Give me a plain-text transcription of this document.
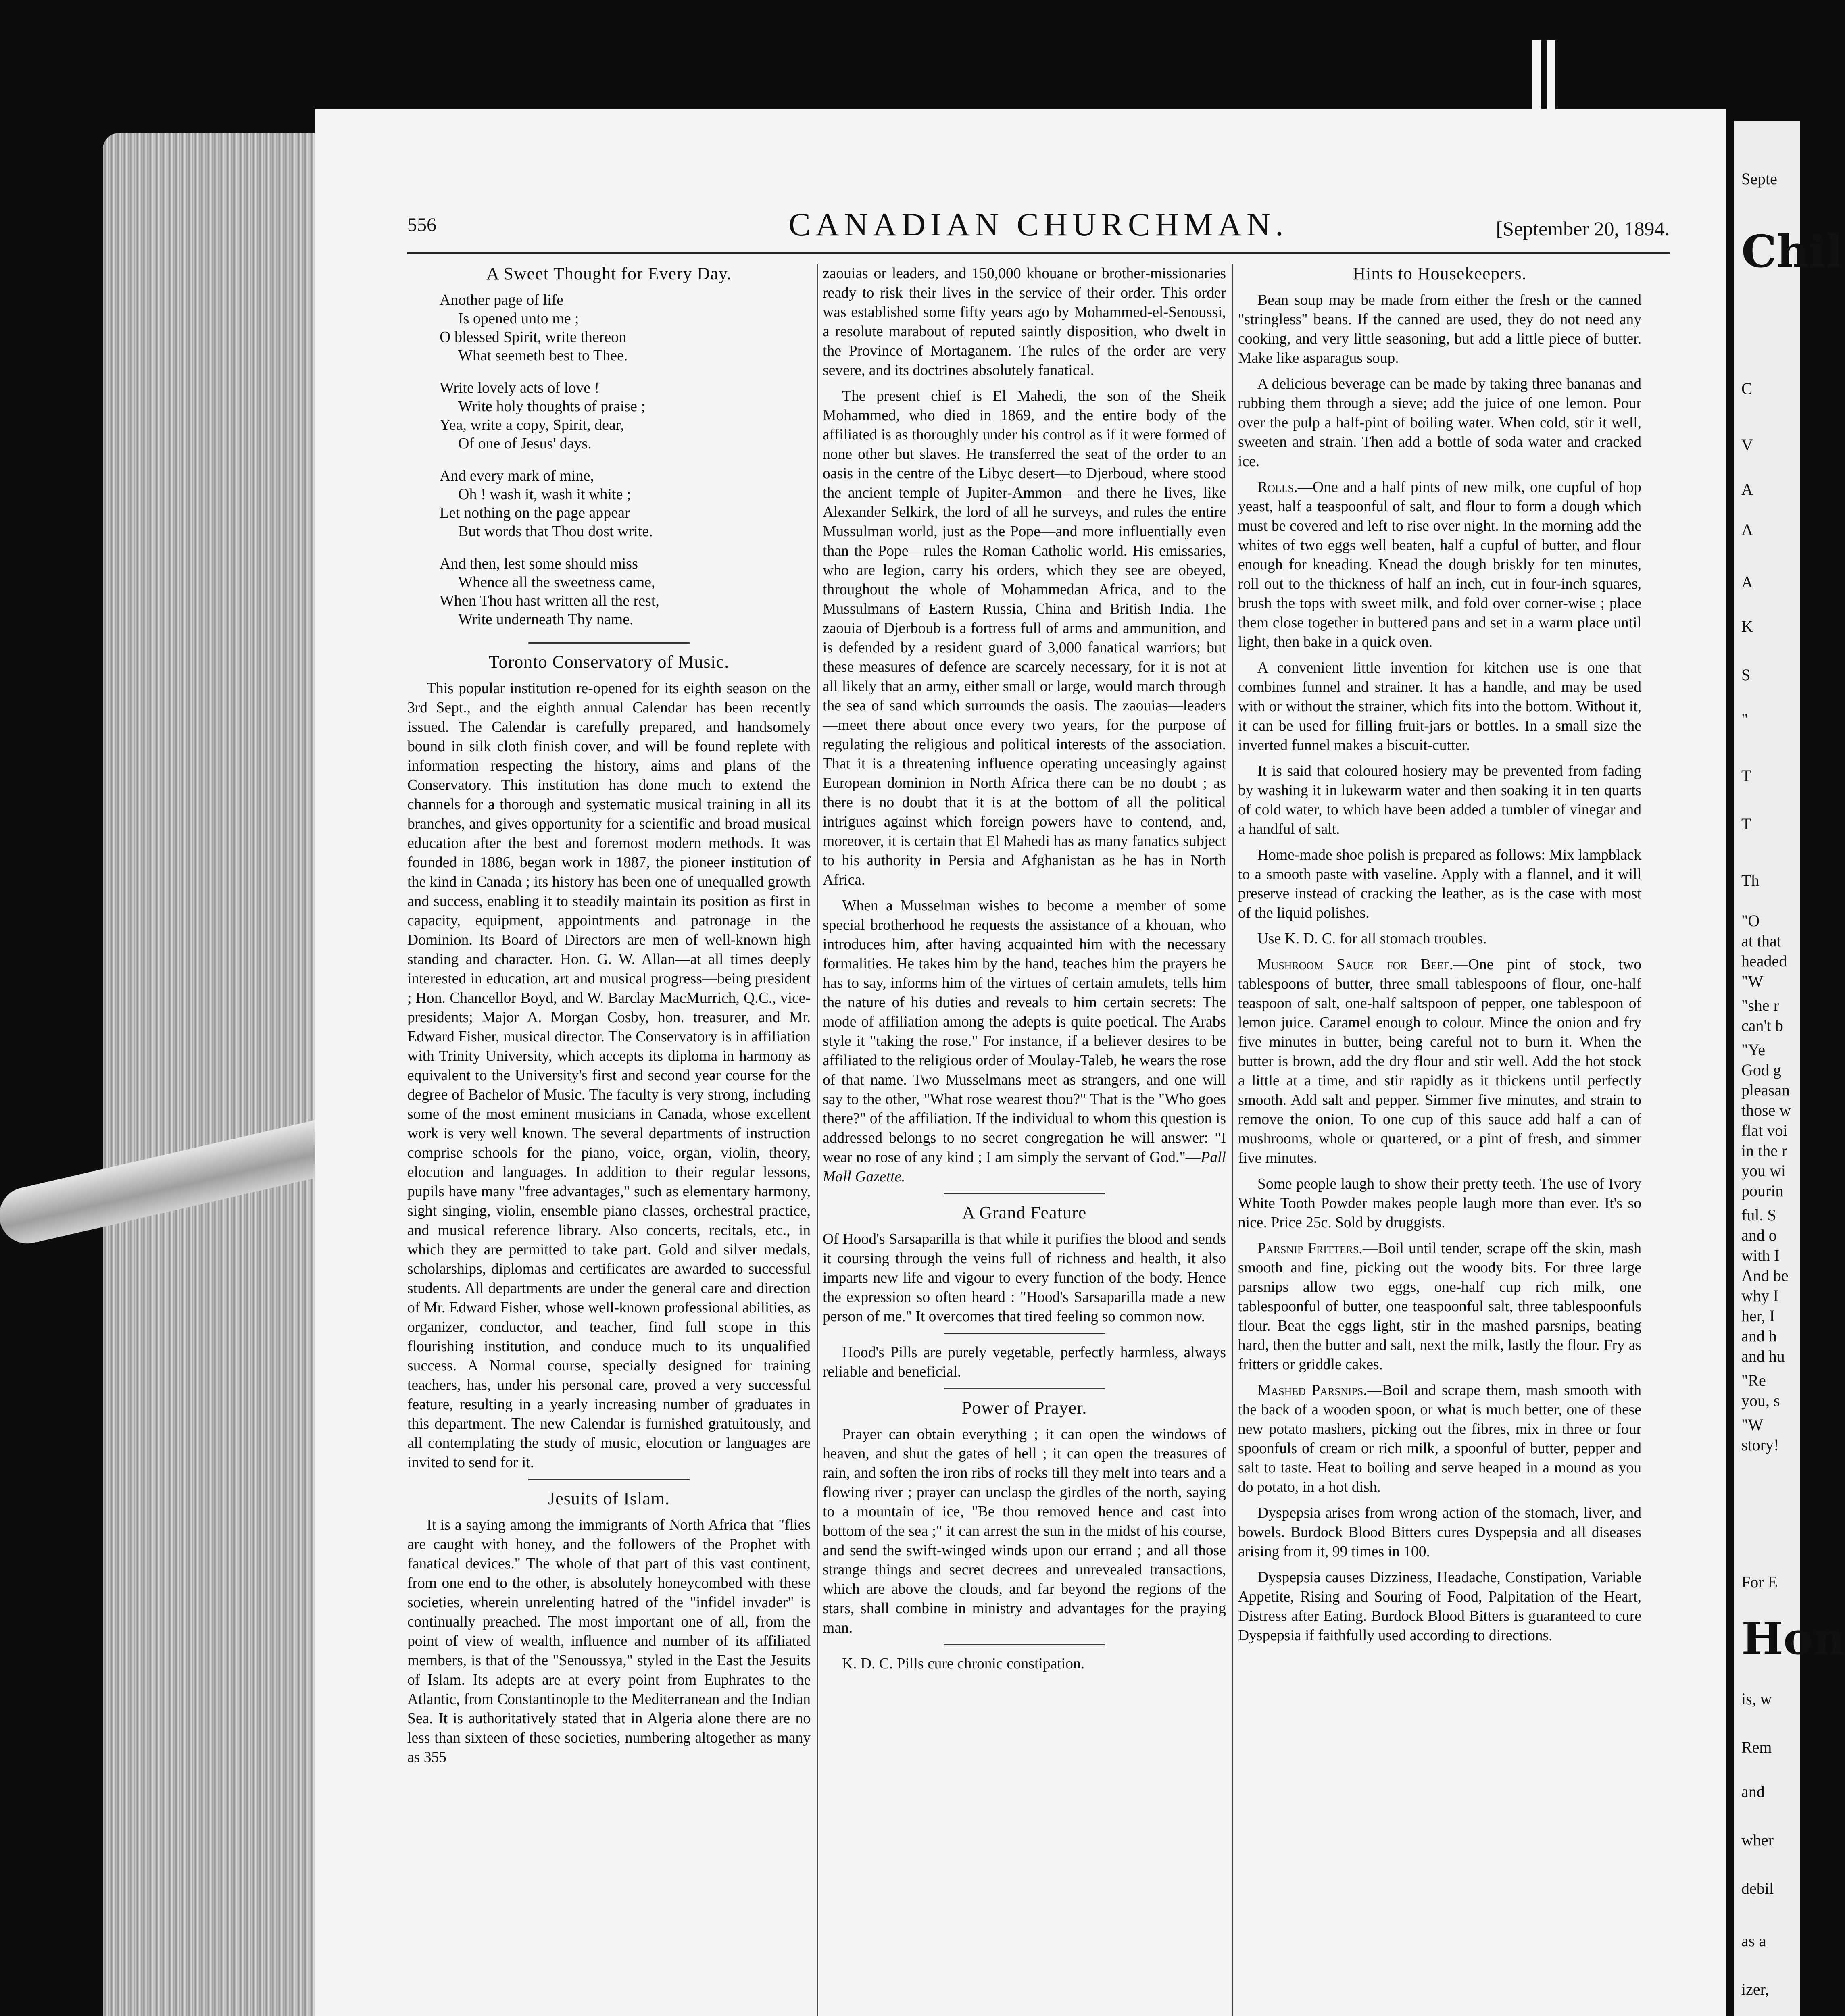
556	CANADIAN CHURCHMAN.	[September 20, 1894.
A Sweet Thought for Every Day.
Another page of life
Is opened unto me ;
O blessed Spirit, write thereon
What seemeth best to Thee.
Write lovely acts of love !
Write holy thoughts of praise ;
Yea, write a copy, Spirit, dear,
Of one of Jesus' days.
And every mark of mine,
Oh ! wash it, wash it white ;
Let nothing on the page appear
But words that Thou dost write.
And then, lest some should miss
Whence all the sweetness came,
When Thou hast written all the rest,
Write underneath Thy name.
Toronto Conservatory of Music.

This popular institution re-opened for its eighth season on the 3rd Sept., and the eighth annual Calendar has been recently issued. The Calendar is carefully prepared, and handsomely bound in silk cloth finish cover, and will be found replete with information respecting the history, aims and plans of the Conservatory. This institution has done much to extend the channels for a thorough and systematic musical training in all its branches, and gives opportunity for a scientific and broad musical education after the best and foremost modern methods. It was founded in 1886, began work in 1887, the pioneer institution of the kind in Canada ; its history has been one of unequalled growth and success, enabling it to steadily maintain its position as first in capacity, equipment, appointments and patronage in the Dominion. Its Board of Directors are men of well-known high standing and character. Hon. G. W. Allan—at all times deeply interested in education, art and musical progress—being president ; Hon. Chancellor Boyd, and W. Barclay MacMurrich, Q.C., vice-presidents; Major A. Morgan Cosby, hon. treasurer, and Mr. Edward Fisher, musical director. The Conservatory is in affiliation with Trinity University, which accepts its diploma in harmony as equivalent to the University's first and second year course for the degree of Bachelor of Music. The faculty is very strong, including some of the most eminent musicians in Canada, whose excellent work is very well known. The several departments of instruction comprise schools for the piano, voice, organ, violin, theory, elocution and languages. In addition to their regular lessons, pupils have many "free advantages," such as elementary harmony, sight singing, violin, ensemble piano classes, orchestral practice, and musical reference library. Also concerts, recitals, etc., in which they are permitted to take part. Gold and silver medals, scholarships, diplomas and certificates are awarded to successful students. All departments are under the general care and direction of Mr. Edward Fisher, whose well-known professional abilities, as organizer, conductor, and teacher, find full scope in this flourishing institution, and conduce much to its unqualified success. A Normal course, specially designed for training teachers, has, under his personal care, proved a very successful feature, resulting in a yearly increasing number of graduates in this department. The new Calendar is furnished gratuitously, and all contemplating the study of music, elocution or languages are invited to send for it.

Jesuits of Islam.

It is a saying among the immigrants of North Africa that "flies are caught with honey, and the followers of the Prophet with fanatical devices." The whole of that part of this vast continent, from one end to the other, is absolutely honeycombed with these societies, wherein unrelenting hatred of the "infidel invader" is continually preached. The most important one of all, from the point of view of wealth, influence and number of its affiliated members, is that of the "Senoussya," styled in the East the Jesuits of Islam. Its adepts are at every point from Euphrates to the Atlantic, from Constantinople to the Mediterranean and the Indian Sea. It is authoritatively stated that in Algeria alone there are no less than sixteen of these societies, numbering altogether as many as 355

zaouias or leaders, and 150,000 khouane or brother-missionaries ready to risk their lives in the service of their order. This order was established some fifty years ago by Mohammed-el-Senoussi, a resolute marabout of reputed saintly disposition, who dwelt in the Province of Mortaganem. The rules of the order are very severe, and its doctrines absolutely fanatical.

The present chief is El Mahedi, the son of the Sheik Mohammed, who died in 1869, and the entire body of the affiliated is as thoroughly under his control as if it were formed of none other but slaves. He transferred the seat of the order to an oasis in the centre of the Libyc desert—to Djerboud, where stood the ancient temple of Jupiter-Ammon—and there he lives, like Alexander Selkirk, the lord of all he surveys, and rules the entire Mussulman world, just as the Pope—and more influentially even than the Pope—rules the Roman Catholic world. His emissaries, who are legion, carry his orders, which they see are obeyed, throughout the whole of Mohammedan Africa, and to the Mussulmans of Eastern Russia, China and British India. The zaouia of Djerboub is a fortress full of arms and ammunition, and is defended by a resident guard of 3,000 fanatical warriors; but these measures of defence are scarcely necessary, for it is not at all likely that an army, either small or large, would march through the sea of sand which surrounds the oasis. The zaouias—leaders—meet there about once every two years, for the purpose of regulating the religious and political interests of the association. That it is a threatening influence operating unceasingly against European dominion in North Africa there can be no doubt ; as there is no doubt that it is at the bottom of all the political intrigues against which foreign powers have to contend, and, moreover, it is certain that El Mahedi has as many fanatics subject to his authority in Persia and Afghanistan as he has in North Africa.

When a Musselman wishes to become a member of some special brotherhood he requests the assistance of a khouan, who introduces him, after having acquainted him with the necessary formalities. He takes him by the hand, teaches him the prayers he has to say, informs him of the virtues of certain amulets, tells him the nature of his duties and reveals to him certain secrets: The mode of affiliation among the adepts is quite poetical. The Arabs style it "taking the rose." For instance, if a believer desires to be affiliated to the religious order of Moulay-Taleb, he wears the rose of that name. Two Musselmans meet as strangers, and one will say to the other, "What rose wearest thou?" That is the "Who goes there?" of the affiliation. If the individual to whom this question is addressed belongs to no secret congregation he will answer: "I wear no rose of any kind ; I am simply the servant of God."—Pall Mall Gazette.

A Grand Feature

Of Hood's Sarsaparilla is that while it purifies the blood and sends it coursing through the veins full of richness and health, it also imparts new life and vigour to every function of the body. Hence the expression so often heard : "Hood's Sarsaparilla made a new person of me." It overcomes that tired feeling so common now.

Hood's Pills are purely vegetable, perfectly harmless, always reliable and beneficial.

Power of Prayer.

Prayer can obtain everything ; it can open the windows of heaven, and shut the gates of hell ; it can open the treasures of rain, and soften the iron ribs of rocks till they melt into tears and a flowing river ; prayer can unclasp the girdles of the north, saying to a mountain of ice, "Be thou removed hence and cast into bottom of the sea ;" it can arrest the sun in the midst of his course, and send the swift-winged winds upon our errand ; and all those strange things and secret decrees and unrevealed transactions, which are above the clouds, and far beyond the regions of the stars, shall combine in ministry and advantages for the praying man.

K. D. C. Pills cure chronic constipation.

Hints to Housekeepers.

Bean soup may be made from either the fresh or the canned "stringless" beans. If the canned are used, they do not need any cooking, and very little seasoning, but add a little piece of butter. Make like asparagus soup.

A delicious beverage can be made by taking three bananas and rubbing them through a sieve; add the juice of one lemon. Pour over the pulp a half-pint of boiling water. When cold, stir it well, sweeten and strain. Then add a bottle of soda water and cracked ice.

Rolls.—One and a half pints of new milk, one cupful of hop yeast, half a teaspoonful of salt, and flour to form a dough which must be covered and left to rise over night. In the morning add the whites of two eggs well beaten, half a cupful of butter, and flour enough for kneading. Knead the dough briskly for ten minutes, roll out to the thickness of half an inch, cut in four-inch squares, brush the tops with sweet milk, and fold over corner-wise ; place them close together in buttered pans and set in a warm place until light, then bake in a quick oven.

A convenient little invention for kitchen use is one that combines funnel and strainer. It has a handle, and may be used with or without the strainer, which fits into the bottom. Without it, it can be used for filling fruit-jars or bottles. In a small size the inverted funnel makes a biscuit-cutter.

It is said that coloured hosiery may be prevented from fading by washing it in lukewarm water and then soaking it in ten quarts of cold water, to which have been added a tumbler of vinegar and a handful of salt.

Home-made shoe polish is prepared as follows: Mix lampblack to a smooth paste with vaseline. Apply with a flannel, and it will preserve instead of cracking the leather, as is the case with most of the liquid polishes.

Use K. D. C. for all stomach troubles.

Mushroom Sauce for Beef.—One pint of stock, two tablespoons of butter, three small tablespoons of flour, one-half teaspoon of salt, one-half saltspoon of pepper, one tablespoon of lemon juice. Caramel enough to colour. Mince the onion and fry five minutes in butter, being careful not to burn it. When the butter is brown, add the dry flour and stir well. Add the hot stock a little at a time, and stir rapidly as it thickens until perfectly smooth. Add salt and pepper. Simmer five minutes, and strain to remove the onion. To one cup of this sauce add half a can of mushrooms, whole or quartered, or a pint of fresh, and simmer five minutes.

Some people laugh to show their pretty teeth. The use of Ivory White Tooth Powder makes people laugh more than ever. It's so nice. Price 25c. Sold by druggists.

Parsnip Fritters.—Boil until tender, scrape off the skin, mash smooth and fine, picking out the woody bits. For three large parsnips allow two eggs, one-half cup rich milk, one tablespoonful of butter, one teaspoonful salt, three tablespoonfuls flour. Beat the eggs light, stir in the mashed parsnips, beating hard, then the butter and salt, next the milk, lastly the flour. Fry as fritters or griddle cakes.

Mashed Parsnips.—Boil and scrape them, mash smooth with the back of a wooden spoon, or what is much better, one of these new potato mashers, picking out the fibres, mix in three or four spoonfuls of cream or rich milk, a spoonful of butter, pepper and salt to taste. Heat to boiling and serve heaped in a mound as you do potato, in a hot dish.

Dyspepsia arises from wrong action of the stomach, liver, and bowels. Burdock Blood Bitters cures Dyspepsia and all diseases arising from it, 99 times in 100.

Dyspepsia causes Dizziness, Headache, Constipation, Variable Appetite, Rising and Souring of Food, Palpitation of the Heart, Distress after Eating. Burdock Blood Bitters is guaranteed to cure Dyspepsia if faithfully used according to directions.

Septe
Chil
C
V
A
A
A
K
S
"
T
T
Th
"O
at that
headed
"W
"she r
can't b
"Ye
God g
pleasan
those w
flat voi
in the r
you wi
pourin
ful. S
and o
with I
And be
why I
her, I
and h
and hu
"Re
you, s
"W
story!
For E
Hon
is, w
Rem
and
wher
debil
as a
izer,
